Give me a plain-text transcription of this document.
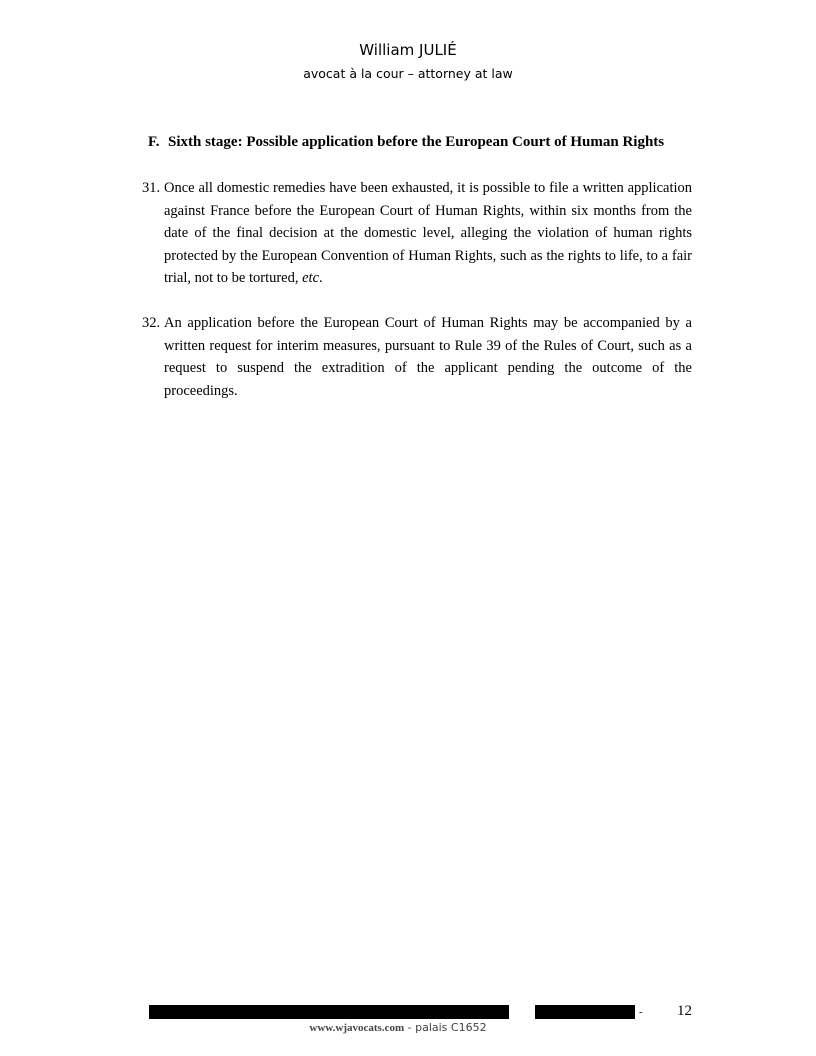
William JULIÉ
avocat à la cour – attorney at law
F. Sixth stage: Possible application before the European Court of Human Rights
31. Once all domestic remedies have been exhausted, it is possible to file a written application against France before the European Court of Human Rights, within six months from the date of the final decision at the domestic level, alleging the violation of human rights protected by the European Convention of Human Rights, such as the rights to life, to a fair trial, not to be tortured, etc.
32. An application before the European Court of Human Rights may be accompanied by a written request for interim measures, pursuant to Rule 39 of the Rules of Court, such as a request to suspend the extradition of the applicant pending the outcome of the proceedings.
- 12
www.wjavocats.com - palais C1652
